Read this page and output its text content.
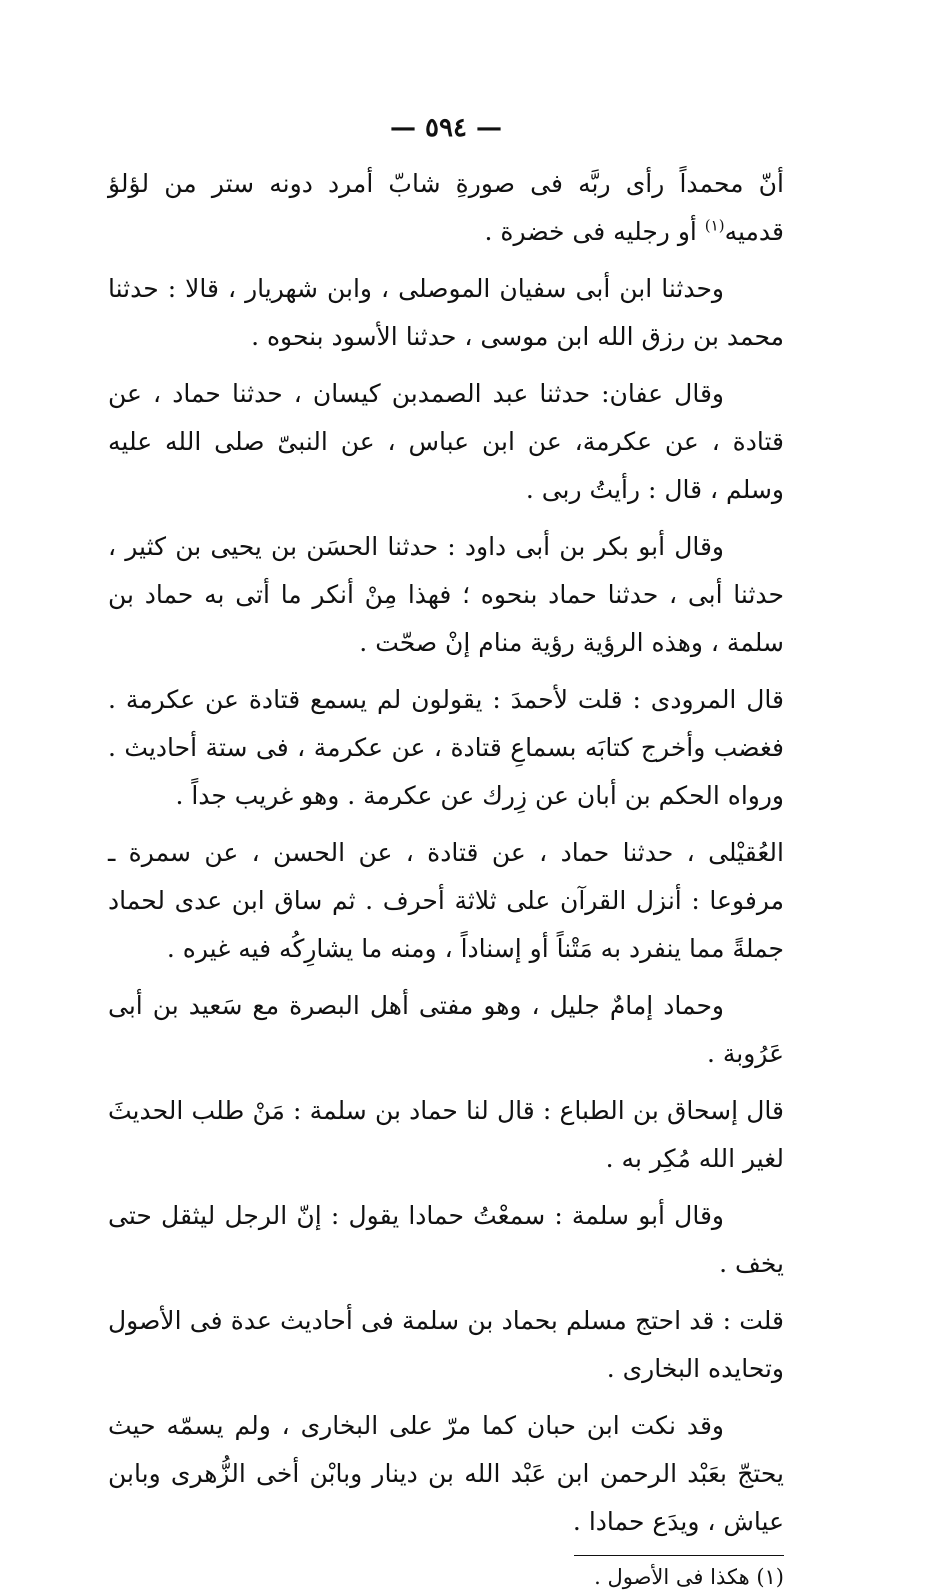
— ٥٩٤ —

أنّ محمداً رأى ربَّه فى صورةِ شابّ أمرد دونه ستر من لؤلؤ قدميه$^{(١)}$ أو رجليه فى خضرة .

وحدثنا ابن أبى سفيان الموصلى ، وابن شهريار ، قالا : حدثنا محمد بن رزق الله ابن موسى ، حدثنا الأسود بنحوه .

وقال عفان: حدثنا عبد الصمدبن كيسان ، حدثنا حماد ، عن قتادة ، عن عكرمة، عن ابن عباس ، عن النبىّ صلى الله عليه وسلم ، قال : رأيتُ ربى .

وقال أبو بكر بن أبى داود : حدثنا الحسَن بن يحيى بن كثير ، حدثنا أبى ، حدثنا حماد بنحوه ؛ فهذا مِنْ أنكر ما أتى به حماد بن سلمة ، وهذه الرؤية رؤية منام إنْ صحّت .

قال المرودى : قلت لأحمدَ : يقولون لم يسمع قتادة عن عكرمة . فغضب وأخرج كتابَه بسماعِ قتادة ، عن عكرمة ، فى ستة أحاديث . ورواه الحكم بن أبان عن زِرك عن عكرمة . وهو غريب جداً .

العُقيْلى ، حدثنا حماد ، عن قتادة ، عن الحسن ، عن سمرة ـ مرفوعا : أنزل القرآن على ثلاثة أحرف . ثم ساق ابن عدى لحماد جملةً مما ينفرد به مَتْناً أو إسناداً ، ومنه ما يشارِكُه فيه غيره .

وحماد إمامٌ جليل ، وهو مفتى أهل البصرة مع سَعيد بن أبى عَرُوبة .

قال إسحاق بن الطباع : قال لنا حماد بن سلمة : مَنْ طلب الحديثَ لغير الله مُكِر به .

وقال أبو سلمة : سمعْتُ حمادا يقول : إنّ الرجل ليثقل حتى يخف .

قلت : قد احتج مسلم بحماد بن سلمة فى أحاديث عدة فى الأصول وتحايده البخارى .

وقد نكت ابن حبان كما مرّ على البخارى ، ولم يسمّه حيث يحتجّ بعَبْد الرحمن ابن عَبْد الله بن دينار وبابْن أخى الزُّهرى وبابن عياش ، ويدَع حمادا .

(١) هكذا فى الأصول .
